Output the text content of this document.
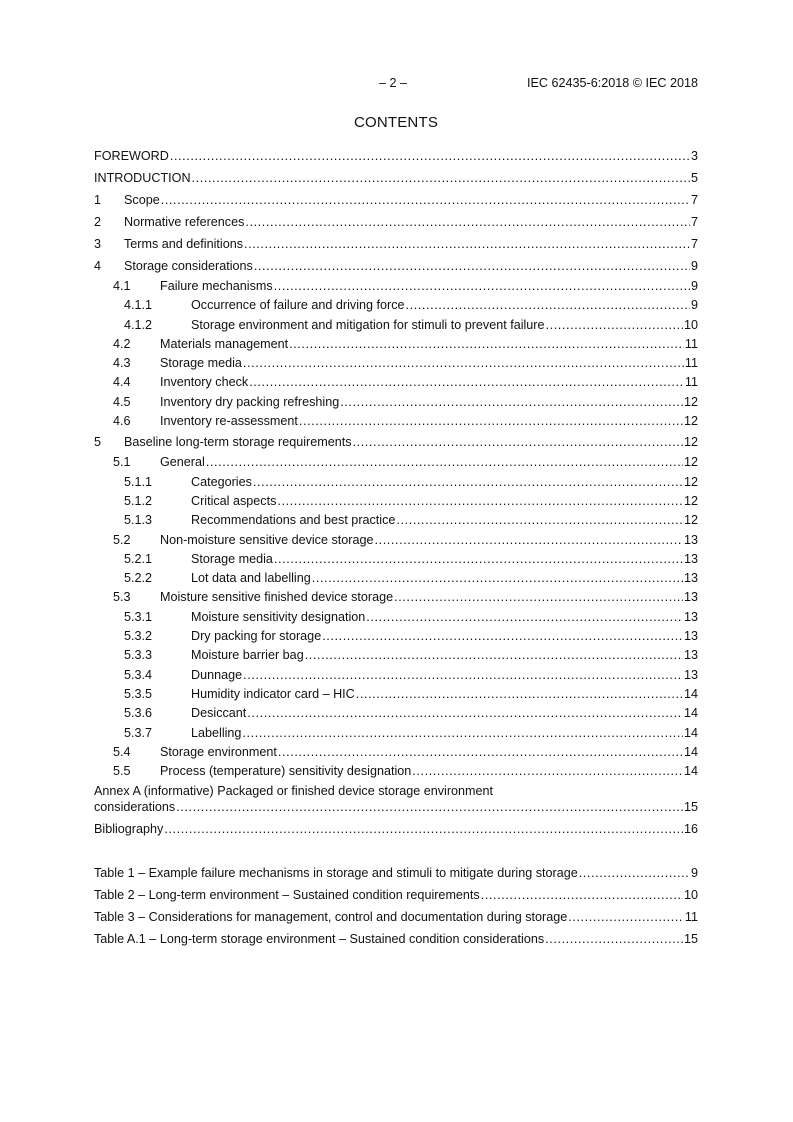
– 2 –	IEC 62435-6:2018 © IEC 2018
CONTENTS
FOREWORD .....	3
INTRODUCTION .....	5
1	Scope .....	7
2	Normative references .....	7
3	Terms and definitions .....	7
4	Storage considerations .....	9
4.1	Failure mechanisms .....	9
4.1.1	Occurrence of failure and driving force .....	9
4.1.2	Storage environment and mitigation for stimuli to prevent failure .....	10
4.2	Materials management .....	11
4.3	Storage media .....	11
4.4	Inventory check .....	11
4.5	Inventory dry packing refreshing .....	12
4.6	Inventory re-assessment .....	12
5	Baseline long-term storage requirements .....	12
5.1	General .....	12
5.1.1	Categories .....	12
5.1.2	Critical aspects .....	12
5.1.3	Recommendations and best practice .....	12
5.2	Non-moisture sensitive device storage .....	13
5.2.1	Storage media .....	13
5.2.2	Lot data and labelling .....	13
5.3	Moisture sensitive finished device storage .....	13
5.3.1	Moisture sensitivity designation .....	13
5.3.2	Dry packing for storage .....	13
5.3.3	Moisture barrier bag .....	13
5.3.4	Dunnage .....	13
5.3.5	Humidity indicator card – HIC .....	14
5.3.6	Desiccant .....	14
5.3.7	Labelling .....	14
5.4	Storage environment .....	14
5.5	Process (temperature) sensitivity designation .....	14
Annex A (informative) Packaged or finished device storage environment
considerations .....	15
Bibliography .....	16
Table 1 – Example failure mechanisms in storage and stimuli to mitigate during storage .....	9
Table 2 – Long-term environment – Sustained condition requirements .....	10
Table 3 – Considerations for management, control and documentation during storage .....	11
Table A.1 – Long-term storage environment – Sustained condition considerations .....	15
